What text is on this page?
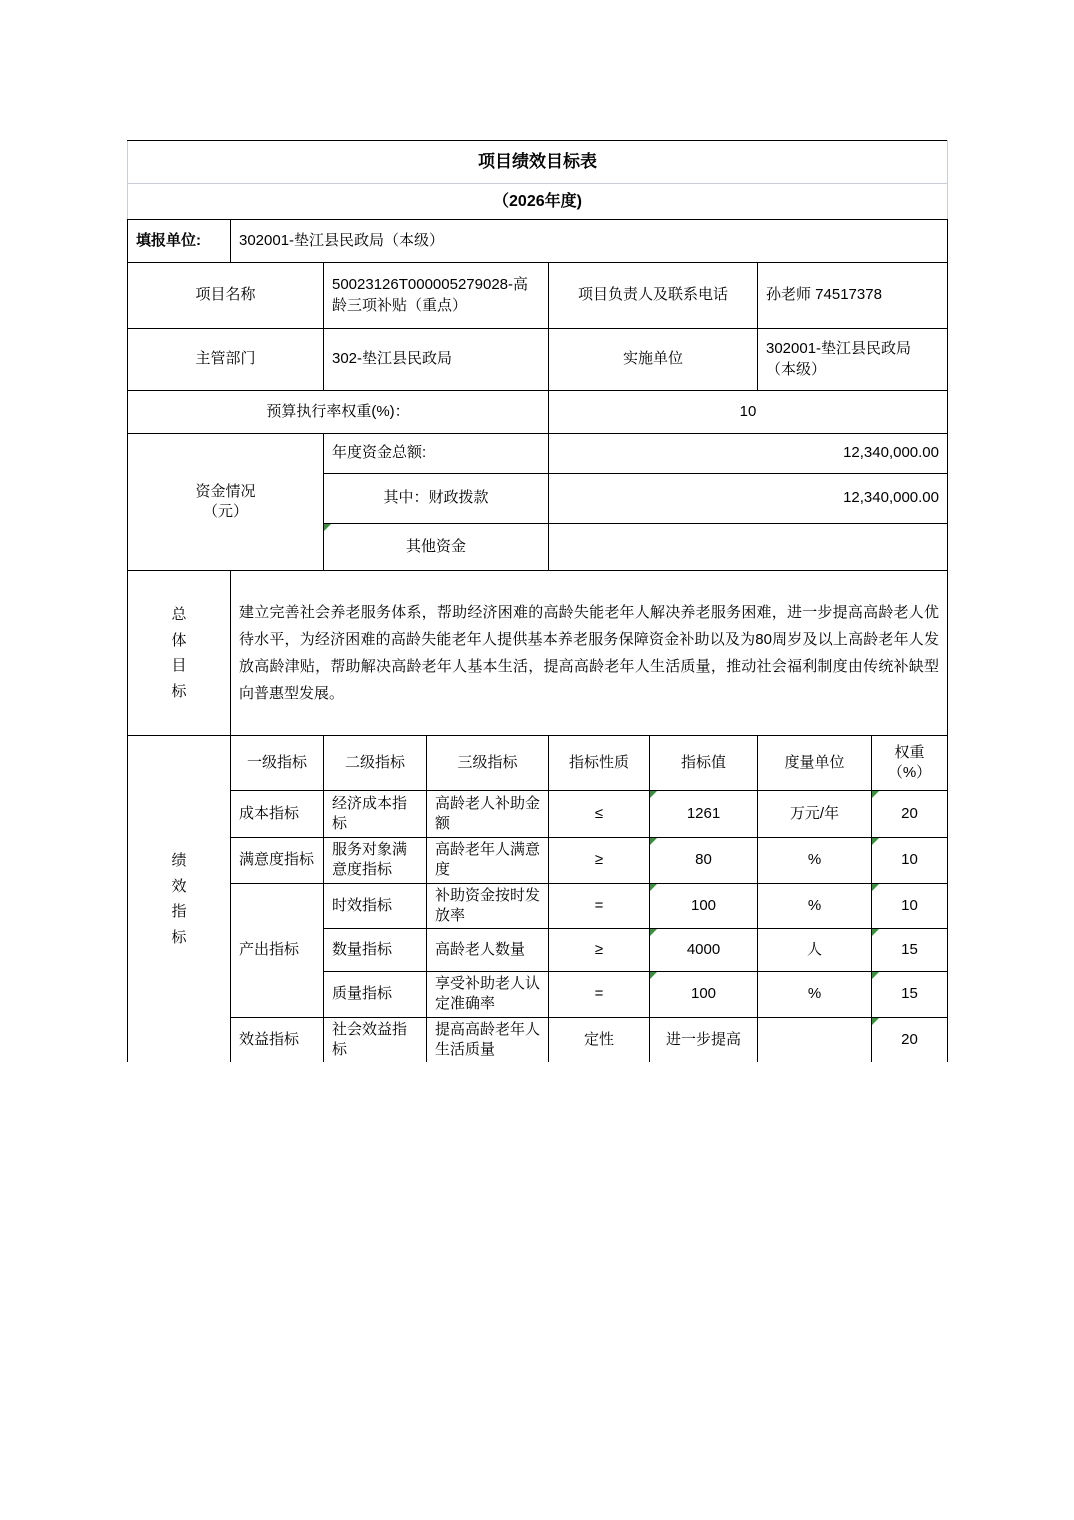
项目绩效目标表							
（2026年度)							
填报单位:	302001-垫江县民政局（本级）						
项目名称		50023126T000005279028-高龄三项补贴（重点）		项目负责人及联系电话		孙老师 74517378	
主管部门		302-垫江县民政局		实施单位		302001-垫江县民政局（本级）	
预算执行率权重(%)：				10			

资金情况
（元）		年度资金总额:		12,340,000.00			
		其中：财政拨款		12,340,000.00			

其他资金					
总体目标	建立完善社会养老服务体系，帮助经济困难的高龄失能老年人解决养老服务困难，进一步提高高龄老人优待水平，为经济困难的高龄失能老年人提供基本养老服务保障资金补助以及为80周岁及以上高龄老年人发放高龄津贴，帮助解决高龄老年人基本生活，提高高龄老年人生活质量，推动社会福利制度由传统补缺型向普惠型发展。						
绩效指标	一级指标	二级指标	三级指标	指标性质	指标值	度量单位	权重（%）
	成本指标	经济成本指标	高龄老人补助金额	≤	1261	万元/年	20
	满意度指标	服务对象满意度指标	高龄老年人满意度	≥	80	%	10
	产出指标	时效指标	补助资金按时发放率	=	100	%	10
		数量指标	高龄老人数量	≥	4000	人	15
		质量指标	享受补助老人认定准确率	=	100	%	15
	效益指标	社会效益指标	提高高龄老年人生活质量	定性	进一步提高		20
